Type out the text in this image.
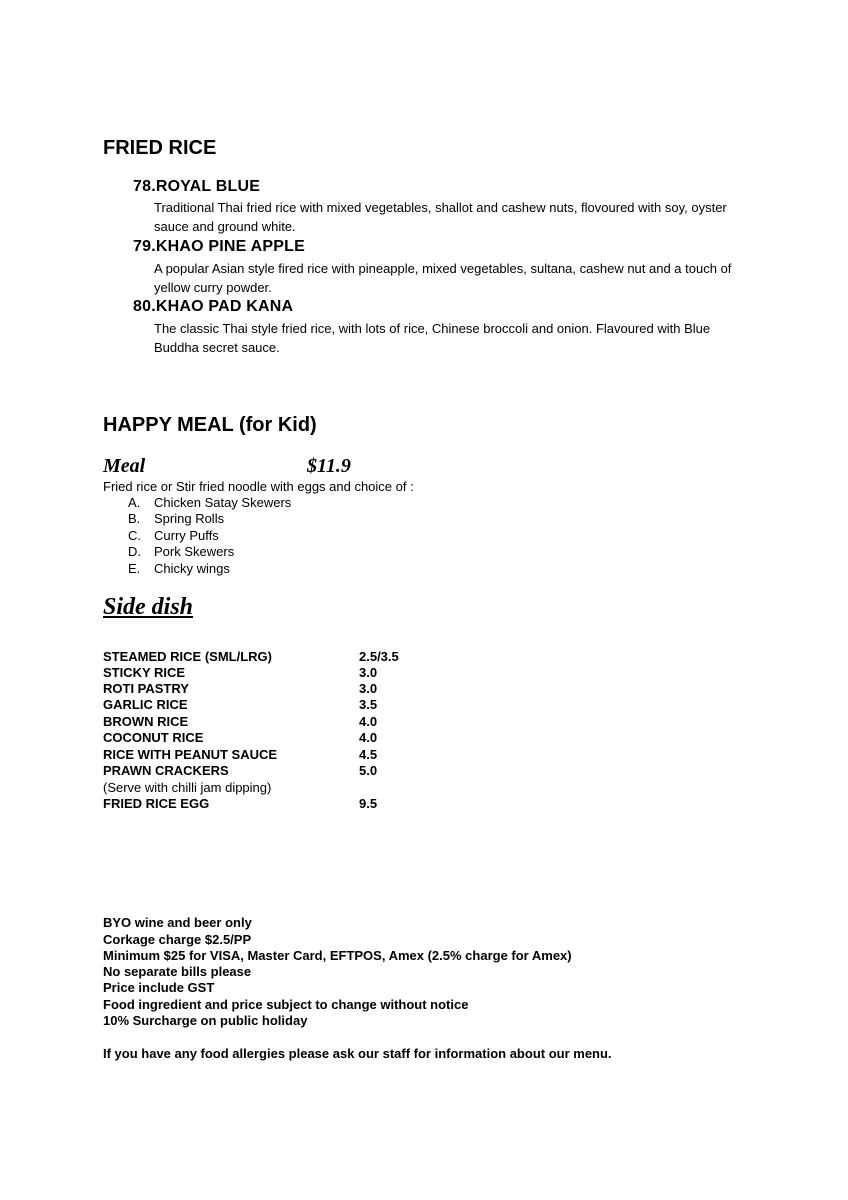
FRIED RICE
78.ROYAL BLUE
Traditional Thai fried rice with mixed vegetables, shallot and cashew nuts, flovoured with soy, oyster sauce and ground white.
79.KHAO PINE APPLE
A popular Asian style fired rice with pineapple, mixed vegetables, sultana, cashew nut and a touch of yellow curry powder.
80.KHAO PAD KANA
The classic Thai style fried rice, with lots of rice, Chinese broccoli and onion. Flavoured with Blue Buddha secret sauce.
HAPPY MEAL (for Kid)
Meal	$11.9
Fried rice or Stir fried noodle with eggs and choice of :
A. Chicken Satay Skewers
B. Spring Rolls
C. Curry Puffs
D. Pork Skewers
E. Chicky wings
Side dish
STEAMED RICE (SML/LRG)	2.5/3.5
STICKY RICE	3.0
ROTI PASTRY	3.0
GARLIC RICE	3.5
BROWN RICE	4.0
COCONUT RICE	4.0
RICE WITH PEANUT SAUCE	4.5
PRAWN CRACKERS	5.0
(Serve with chilli jam dipping)
FRIED RICE EGG	9.5
BYO wine and beer only
Corkage charge $2.5/PP
Minimum $25 for VISA, Master Card, EFTPOS, Amex (2.5% charge for Amex)
No separate bills please
Price include GST
Food ingredient and price subject to change without notice
10% Surcharge on public holiday
If you have any food allergies please ask our staff for information about our menu.
